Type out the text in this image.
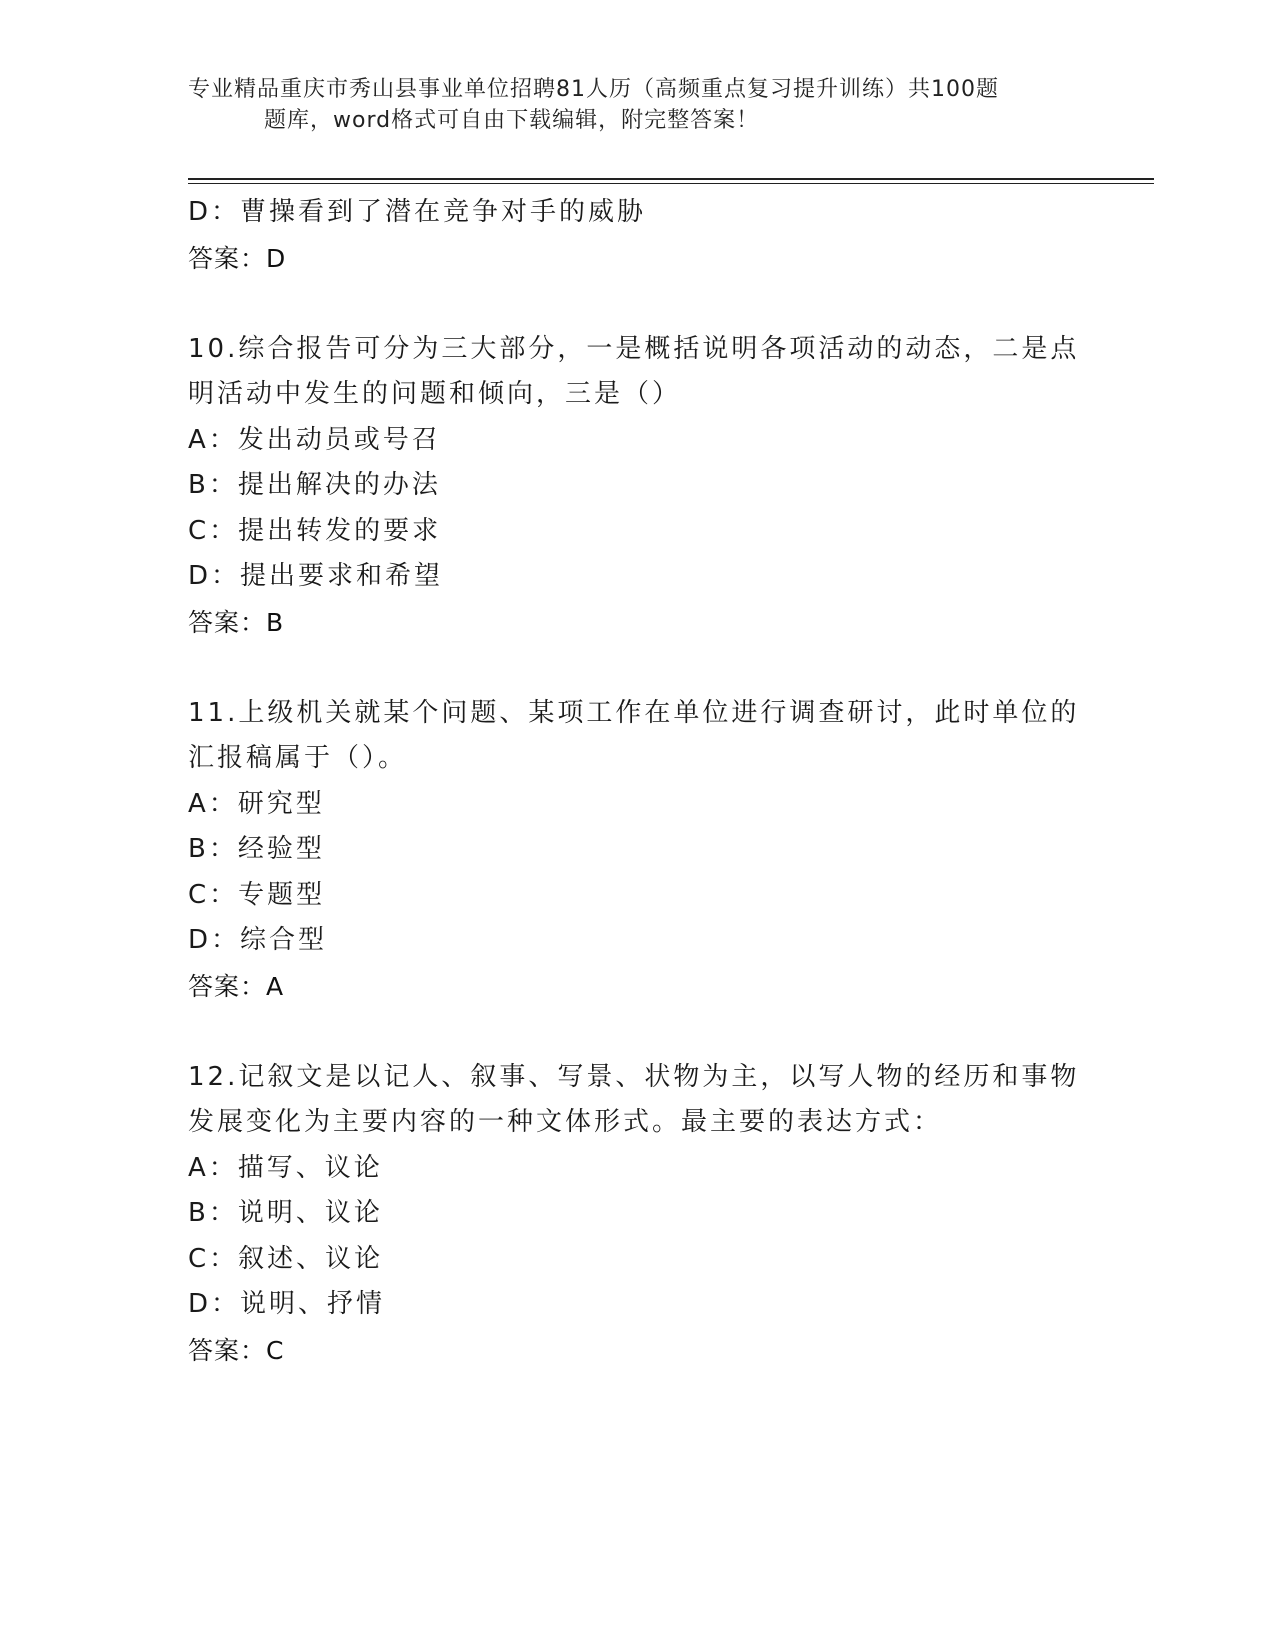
专业精品重庆市秀山县事业单位招聘81人历（高频重点复习提升训练）共100题
题库，word格式可自由下载编辑，附完整答案！
D：曹操看到了潜在竞争对手的威胁
答案：D
10.综合报告可分为三大部分，一是概括说明各项活动的动态，二是点
明活动中发生的问题和倾向，三是（）
A：发出动员或号召
B：提出解决的办法
C：提出转发的要求
D：提出要求和希望
答案：B
11.上级机关就某个问题、某项工作在单位进行调查研讨，此时单位的
汇报稿属于（）。
A：研究型
B：经验型
C：专题型
D：综合型
答案：A
12.记叙文是以记人、叙事、写景、状物为主，以写人物的经历和事物
发展变化为主要内容的一种文体形式。最主要的表达方式：
A：描写、议论
B：说明、议论
C：叙述、议论
D：说明、抒情
答案：C
